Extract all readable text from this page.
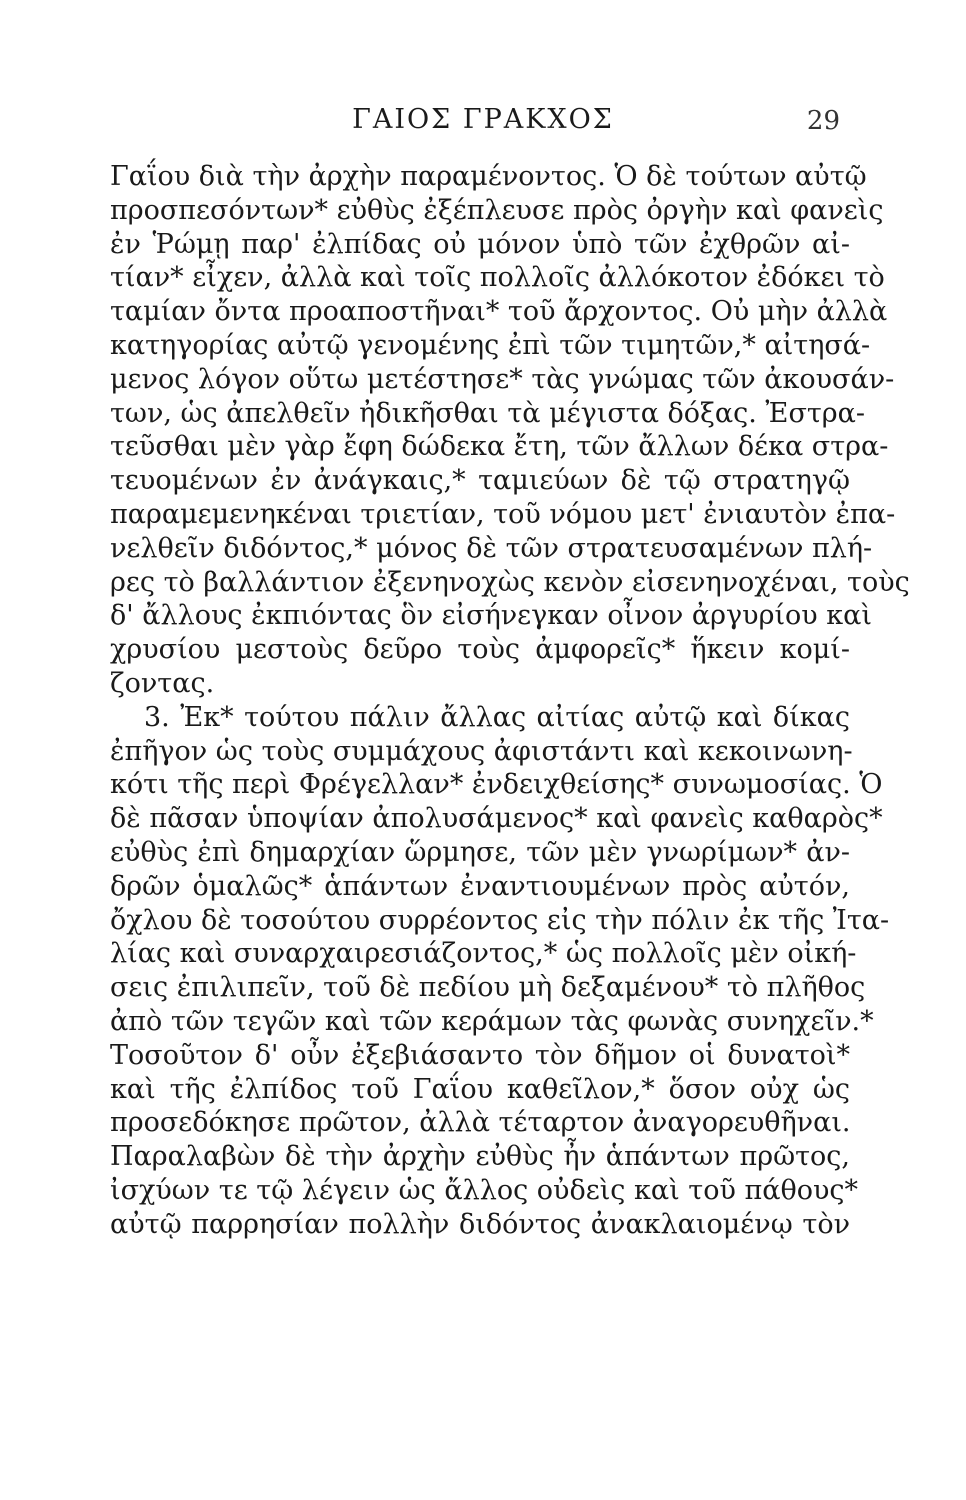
ΓΑΙΟΣ ΓΡΑΚΧΟΣ	29
Γαΐου διὰ τὴν ἀρχὴν παραμένοντος. Ὁ δὲ τούτων αὐτῷ
προσπεσόντων* εὐθὺς ἐξέπλευσε πρὸς ὀργὴν καὶ φανεὶς
ἐν Ῥώμῃ παρ' ἐλπίδας οὐ μόνον ὑπὸ τῶν ἐχθρῶν αἰ-
τίαν* εἶχεν, ἀλλὰ καὶ τοῖς πολλοῖς ἀλλόκοτον ἐδόκει τὸ
ταμίαν ὄντα προαποστῆναι* τοῦ ἄρχοντος. Οὐ μὴν ἀλλὰ
κατηγορίας αὐτῷ γενομένης ἐπὶ τῶν τιμητῶν,* αἰτησά-
μενος λόγον οὕτω μετέστησε* τὰς γνώμας τῶν ἀκουσάν-
των, ὡς ἀπελθεῖν ἠδικῆσθαι τὰ μέγιστα δόξας. Ἐστρα-
τεῦσθαι μὲν γὰρ ἔφη δώδεκα ἔτη, τῶν ἄλλων δέκα στρα-
τευομένων ἐν ἀνάγκαις,* ταμιεύων δὲ τῷ στρατηγῷ
παραμεμενηκέναι τριετίαν, τοῦ νόμου μετ' ἐνιαυτὸν ἐπα-
νελθεῖν διδόντος,* μόνος δὲ τῶν στρατευσαμένων πλή-
ρες τὸ βαλλάντιον ἐξενηνοχὼς κενὸν εἰσενηνοχέναι, τοὺς
δ' ἄλλους ἐκπιόντας ὃν εἰσήνεγκαν οἶνον ἀργυρίου καὶ
χρυσίου μεστοὺς δεῦρο τοὺς ἀμφορεῖς* ἥκειν κομί-
ζοντας.
3. Ἐκ* τούτου πάλιν ἄλλας αἰτίας αὐτῷ καὶ δίκας
ἐπῆγον ὡς τοὺς συμμάχους ἀφιστάντι καὶ κεκοινωνη-
κότι τῆς περὶ Φρέγελλαν* ἐνδειχθείσης* συνωμοσίας. Ὁ
δὲ πᾶσαν ὑποψίαν ἀπολυσάμενος* καὶ φανεὶς καθαρὸς*
εὐθὺς ἐπὶ δημαρχίαν ὥρμησε, τῶν μὲν γνωρίμων* ἀν-
δρῶν ὁμαλῶς* ἁπάντων ἐναντιουμένων πρὸς αὐτόν,
ὄχλου δὲ τοσούτου συρρέοντος εἰς τὴν πόλιν ἐκ τῆς Ἰτα-
λίας καὶ συναρχαιρεσιάζοντος,* ὡς πολλοῖς μὲν οἰκή-
σεις ἐπιλιπεῖν, τοῦ δὲ πεδίου μὴ δεξαμένου* τὸ πλῆθος
ἀπὸ τῶν τεγῶν καὶ τῶν κεράμων τὰς φωνὰς συνηχεῖν.*
Τοσοῦτον δ' οὖν ἐξεβιάσαντο τὸν δῆμον οἱ δυνατοὶ*
καὶ τῆς ἐλπίδος τοῦ Γαΐου καθεῖλον,* ὅσον οὐχ ὡς
προσεδόκησε πρῶτον, ἀλλὰ τέταρτον ἀναγορευθῆναι.
Παραλαβὼν δὲ τὴν ἀρχὴν εὐθὺς ἦν ἁπάντων πρῶτος,
ἰσχύων τε τῷ λέγειν ὡς ἄλλος οὐδεὶς καὶ τοῦ πάθους*
αὐτῷ παρρησίαν πολλὴν διδόντος ἀνακλαιομένῳ τὸν
